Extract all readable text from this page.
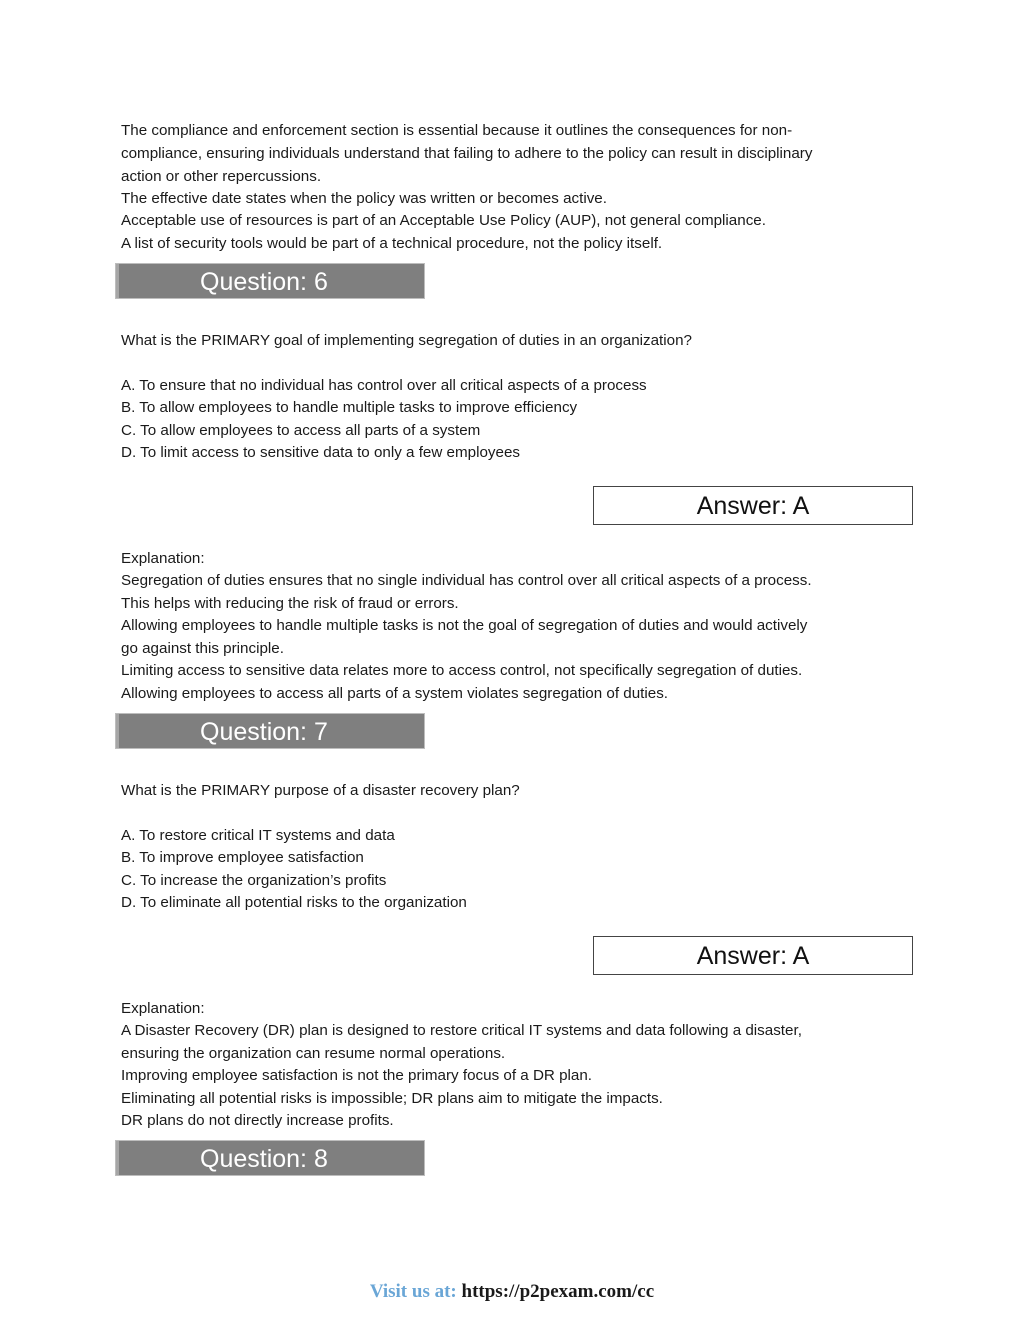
The compliance and enforcement section is essential because it outlines the consequences for non-
compliance, ensuring individuals understand that failing to adhere to the policy can result in disciplinary
action or other repercussions.
The effective date states when the policy was written or becomes active.
Acceptable use of resources is part of an Acceptable Use Policy (AUP), not general compliance.
A list of security tools would be part of a technical procedure, not the policy itself.
Question: 6
What is the PRIMARY goal of implementing segregation of duties in an organization?
A. To ensure that no individual has control over all critical aspects of a process
B. To allow employees to handle multiple tasks to improve efficiency
C. To allow employees to access all parts of a system
D. To limit access to sensitive data to only a few employees
Answer: A
Explanation:
Segregation of duties ensures that no single individual has control over all critical aspects of a process.
This helps with reducing the risk of fraud or errors.
Allowing employees to handle multiple tasks is not the goal of segregation of duties and would actively
go against this principle.
Limiting access to sensitive data relates more to access control, not specifically segregation of duties.
Allowing employees to access all parts of a system violates segregation of duties.
Question: 7
What is the PRIMARY purpose of a disaster recovery plan?
A. To restore critical IT systems and data
B. To improve employee satisfaction
C. To increase the organization’s profits
D. To eliminate all potential risks to the organization
Answer: A
Explanation:
A Disaster Recovery (DR) plan is designed to restore critical IT systems and data following a disaster,
ensuring the organization can resume normal operations.
Improving employee satisfaction is not the primary focus of a DR plan.
Eliminating all potential risks is impossible; DR plans aim to mitigate the impacts.
DR plans do not directly increase profits.
Question: 8
Visit us at: https://p2pexam.com/cc
